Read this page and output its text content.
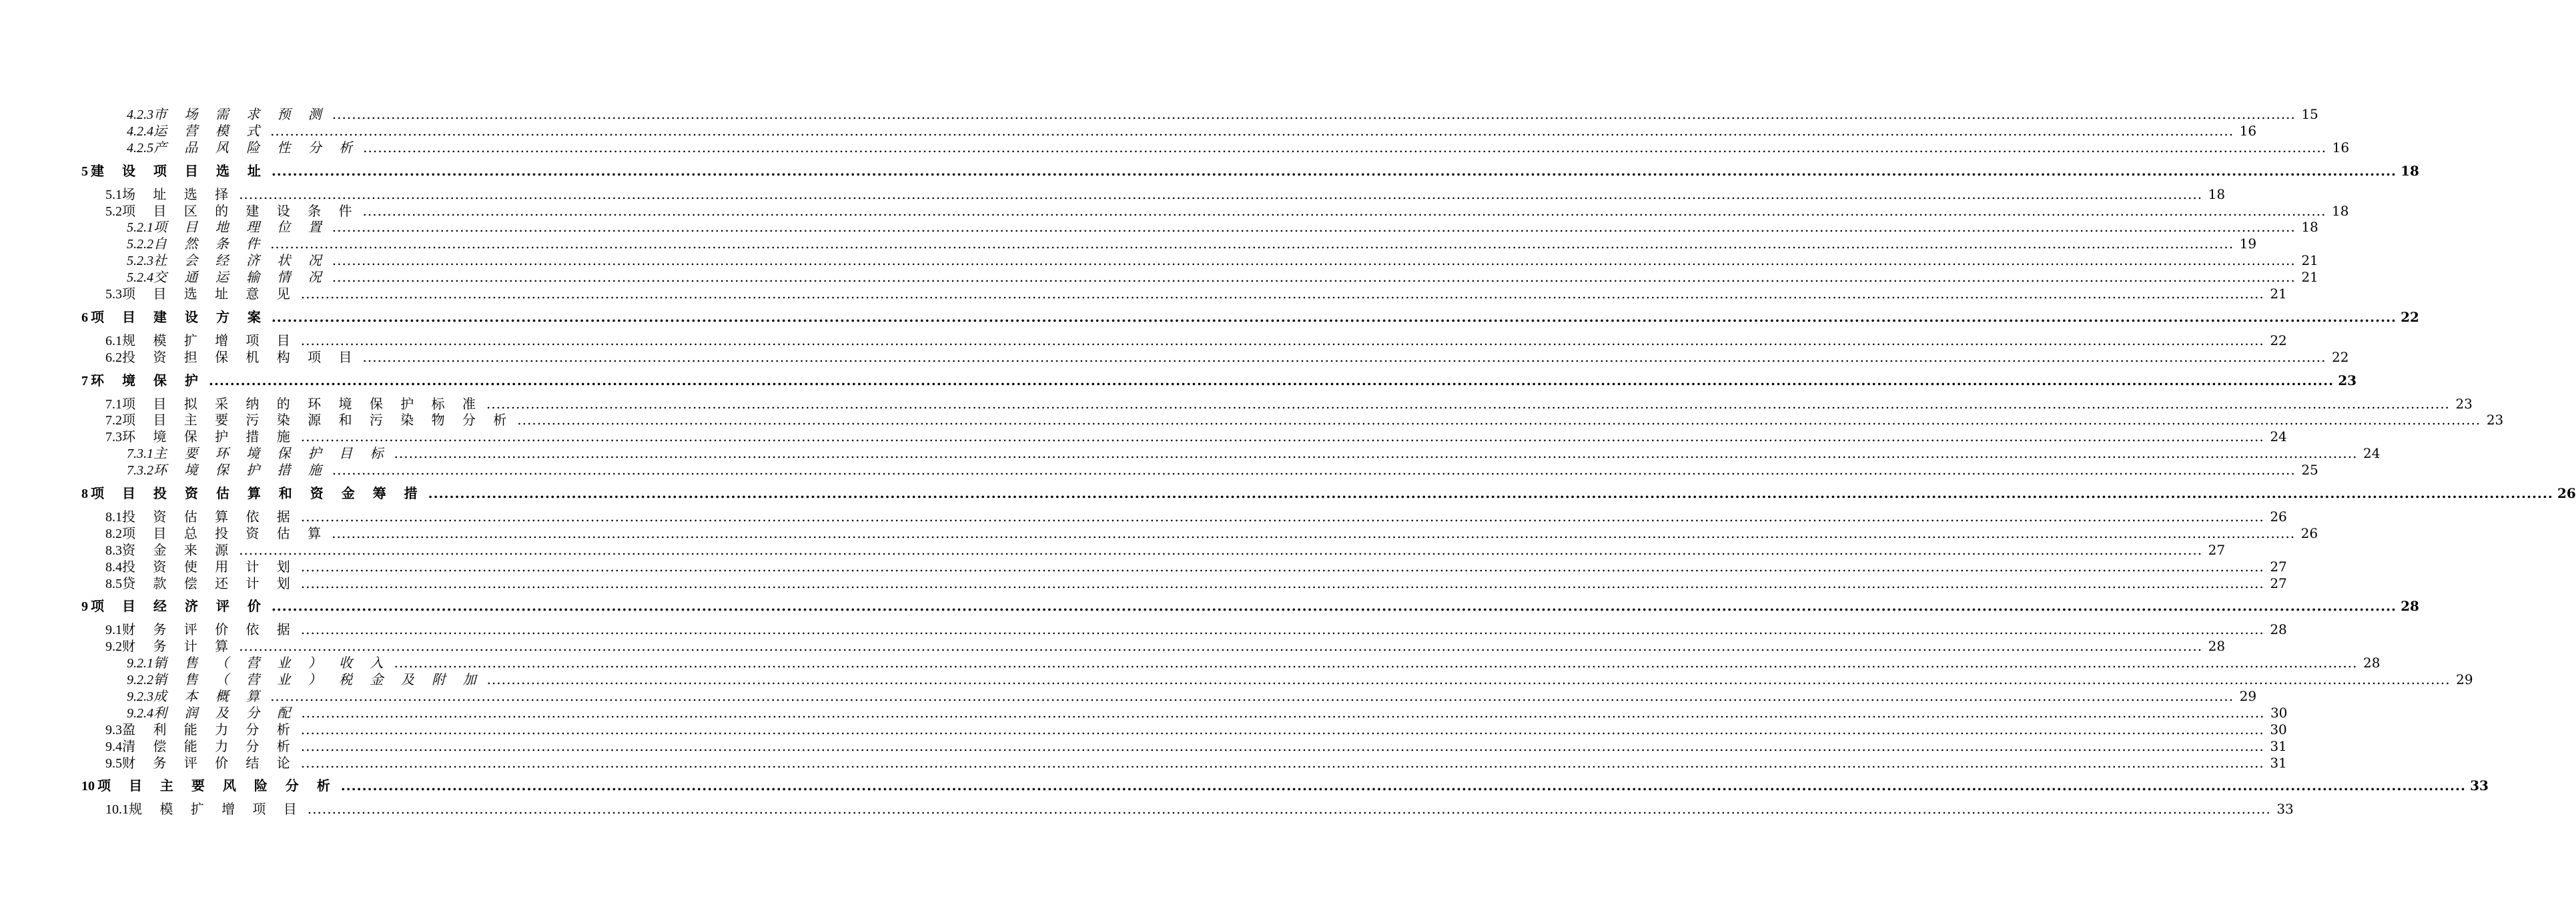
4.2.3 市 场 需 求 预 测 ................................................................................................................................................................................................................................................................................................................................................................................................................ 15
4.2.4 运 营 模 式 ................................................................................................................................................................................................................................................................................................................................................................................................................ 16
4.2.5 产 品 风 险 性 分 析 ................................................................................................................................................................................................................................................................................................................................................................................................................ 16
5 建 设 项 目 选 址 ................................................................................................................................................................................................................................................................................................................................................................................................................ 18
5.1 场 址 选 择 ................................................................................................................................................................................................................................................................................................................................................................................................................ 18
5.2 项 目 区 的 建 设 条 件 ................................................................................................................................................................................................................................................................................................................................................................................................................ 18
5.2.1 项 目 地 理 位 置 ................................................................................................................................................................................................................................................................................................................................................................................................................ 18
5.2.2 自 然 条 件 ................................................................................................................................................................................................................................................................................................................................................................................................................ 19
5.2.3 社 会 经 济 状 况 ................................................................................................................................................................................................................................................................................................................................................................................................................ 21
5.2.4 交 通 运 输 情 况 ................................................................................................................................................................................................................................................................................................................................................................................................................ 21
5.3 项 目 选 址 意 见 ................................................................................................................................................................................................................................................................................................................................................................................................................ 21
6 项 目 建 设 方 案 ................................................................................................................................................................................................................................................................................................................................................................................................................ 22
6.1 规 模 扩 增 项 目 ................................................................................................................................................................................................................................................................................................................................................................................................................ 22
6.2 投 资 担 保 机 构 项 目 ................................................................................................................................................................................................................................................................................................................................................................................................................ 22
7 环 境 保 护 ................................................................................................................................................................................................................................................................................................................................................................................................................ 23
7.1 项 目 拟 采 纳 的 环 境 保 护 标 准 ................................................................................................................................................................................................................................................................................................................................................................................................................ 23
7.2 项 目 主 要 污 染 源 和 污 染 物 分 析 ................................................................................................................................................................................................................................................................................................................................................................................................................ 23
7.3 环 境 保 护 措 施 ................................................................................................................................................................................................................................................................................................................................................................................................................ 24
7.3.1 主 要 环 境 保 护 目 标 ................................................................................................................................................................................................................................................................................................................................................................................................................ 24
7.3.2 环 境 保 护 措 施 ................................................................................................................................................................................................................................................................................................................................................................................................................ 25
8 项 目 投 资 估 算 和 资 金 筹 措 ................................................................................................................................................................................................................................................................................................................................................................................................................ 26
8.1 投 资 估 算 依 据 ................................................................................................................................................................................................................................................................................................................................................................................................................ 26
8.2 项 目 总 投 资 估 算 ................................................................................................................................................................................................................................................................................................................................................................................................................ 26
8.3 资 金 来 源 ................................................................................................................................................................................................................................................................................................................................................................................................................ 27
8.4 投 资 使 用 计 划 ................................................................................................................................................................................................................................................................................................................................................................................................................ 27
8.5 贷 款 偿 还 计 划 ................................................................................................................................................................................................................................................................................................................................................................................................................ 27
9 项 目 经 济 评 价 ................................................................................................................................................................................................................................................................................................................................................................................................................ 28
9.1 财 务 评 价 依 据 ................................................................................................................................................................................................................................................................................................................................................................................................................ 28
9.2 财 务 计 算 ................................................................................................................................................................................................................................................................................................................................................................................................................ 28
9.2.1 销 售 （ 营 业 ） 收 入 ................................................................................................................................................................................................................................................................................................................................................................................................................ 28
9.2.2 销 售 （ 营 业 ） 税 金 及 附 加 ................................................................................................................................................................................................................................................................................................................................................................................................................ 29
9.2.3 成 本 概 算 ................................................................................................................................................................................................................................................................................................................................................................................................................ 29
9.2.4 利 润 及 分 配 ................................................................................................................................................................................................................................................................................................................................................................................................................ 30
9.3 盈 利 能 力 分 析 ................................................................................................................................................................................................................................................................................................................................................................................................................ 30
9.4 清 偿 能 力 分 析 ................................................................................................................................................................................................................................................................................................................................................................................................................ 31
9.5 财 务 评 价 结 论 ................................................................................................................................................................................................................................................................................................................................................................................................................ 31
10 项 目 主 要 风 险 分 析 ................................................................................................................................................................................................................................................................................................................................................................................................................ 33
10.1 规 模 扩 增 项 目 ................................................................................................................................................................................................................................................................................................................................................................................................................ 33
